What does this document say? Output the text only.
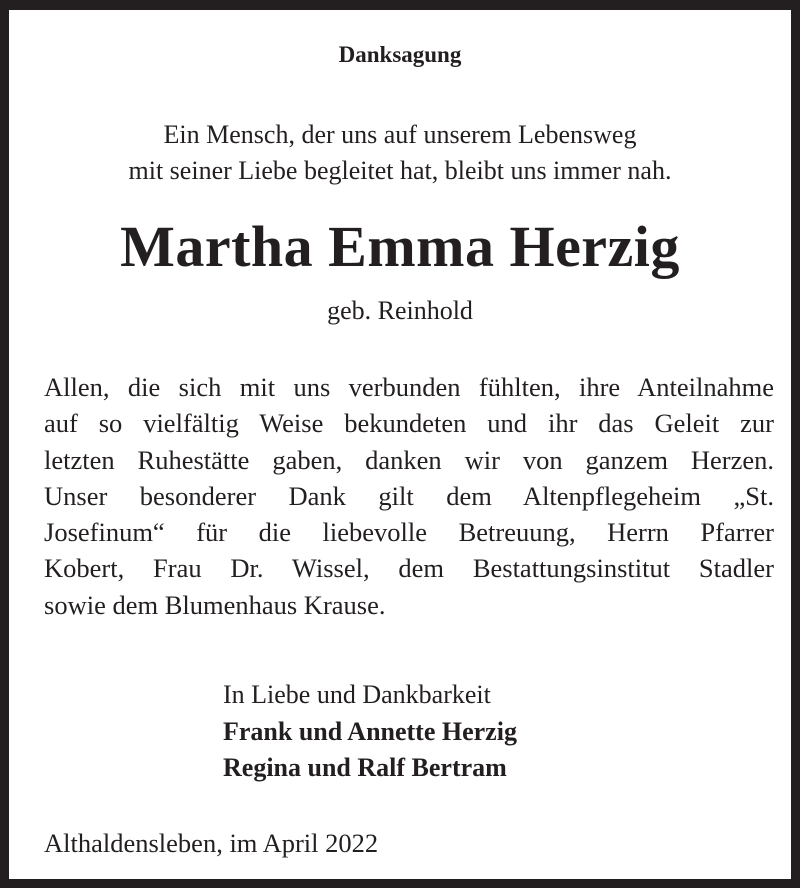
Danksagung
Ein Mensch, der uns auf unserem Lebensweg
mit seiner Liebe begleitet hat, bleibt uns immer nah.
Martha Emma Herzig
geb. Reinhold
Allen, die sich mit uns verbunden fühlten, ihre Anteilnahme
auf so vielfältig Weise bekundeten und ihr das Geleit zur
letzten Ruhestätte gaben, danken wir von ganzem Herzen.
Unser besonderer Dank gilt dem Altenpflegeheim „St.
Josefinum“ für die liebevolle Betreuung, Herrn Pfarrer
Kobert, Frau Dr. Wissel, dem Bestattungsinstitut Stadler
sowie dem Blumenhaus Krause.
In Liebe und Dankbarkeit
Frank und Annette Herzig
Regina und Ralf Bertram
Althaldensleben, im April 2022
